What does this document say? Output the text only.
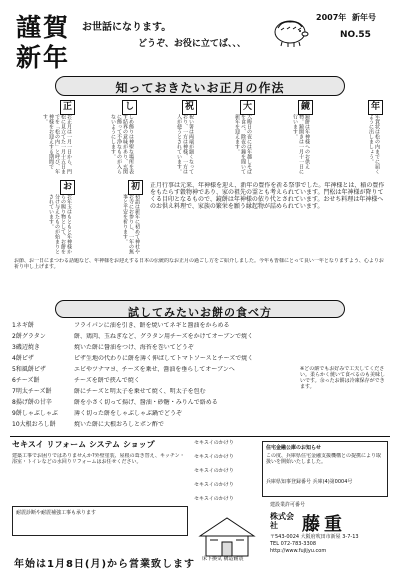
謹賀
新年
お世話になります。
どうぞ、お役に立てば、、、
2007年 新年号
NO.55
知っておきたいお正月の作法
正
お正月は一月一日から、門松に見立てた一月十五日までを「松の内」と呼び、年神様をお迎えする期間です。
し
しめ飾りは神聖な場所を表す結界の意味があり、玄関に飾って不浄なものが入らないようにします。
祝
祝い箸は両端が細くなっており、一方は神様、一方は人が使うとされています。
大
大晦日の夜には年越しそばを食べ、除夜の鐘を聞いて新年を迎えます。
鏡
鏡餅は年神様へのお供え物。鏡開きは一月十一日に行います。
年
年賀状は松の内までに届くように出しましょう。
お
お年玉はもともと年神様からの賜り物として、お餅を分け与えたものが始まりとされています。
初
初詣は新年に初めて神社やお寺にお参りし、一年の無事と平安を祈ります。
正月行事は元来、年神様を迎え、新年の豊作を祈る祭事でした。年神様とは、稲の豊作をもたらす穀物神であり、家の祖先の霊とも考えられています。門松は年神様が降りてくる目印となるもので、鏡餅は年神様の依り代とされています。おせち料理は年神様へのお供え料理で、家族の繁栄を願う縁起物が詰められています。
お節、お一日にまつわる話題など、年神様をお迎えする日本の伝統的なお正月の過ごし方をご紹介しました。今年も皆様にとって良い一年となりますよう、心よりお祈り申し上げます。
試してみたいお餅の食べ方
1ネギ餅	フライパンに油を引き、餅を焼いてネギと醤油をからめる
2餅グラタン	餅、鶏肉、玉ねぎなど、グラタン用チーズをかけてオーブンで焼く
3磯辺焼き	焼いた餅に醤油をつけ、海苔を巻いてどうぞ
4餅ピザ	ピザ生地の代わりに餅を薄く伸ばしてトマトソースとチーズで焼く
5和風餅ピザ	エビやツナマヨ、チーズを乗せ、醤油を垂らしてオーブンへ
6チーズ餅	チーズを餅で挟んで焼く
7明太チーズ餅	餅にチーズと明太子を乗せて焼く、明太子を包む
8揚げ餅の甘辛	餅を小さく切って揚げ、醤油・砂糖・みりんで絡める
9餅しゃぶしゃぶ	薄く切った餅をしゃぶしゃぶ鍋でどうぞ
10大根おろし餅	焼いた餅に大根おろしとポン酢で
※どの餅でもお好みで工夫してください。柔らかく焼いて食べるのも美味しいです。余ったお餅は冷凍保存ができます。
セキスイ リフォーム システム ショップ
建築工事でお困りではありませんか?外壁塗装、屋根の葺き替え、キッチン・浴室・トイレなどの水回りリフォームはお任せください。
耐震診断や耐震補強工事も承ります
セキスイのかけり
セキスイのかけり
セキスイのかけり
セキスイのかけり
セキスイのかけり
住宅金融公庫のお知らせ
この度、兵庫県住宅金融支援機構との提携により取扱いを開始いたしました。
兵庫県知事登録番号 兵庫(4)第0004号
床下換気 構造耐震
建設業許可番号
株式会社	藤重
〒543-0024 大阪府吹田市新屋 3-7-13
TEL 072-783-3308
http://www.fujijyu.com
年始は1月8日(月)から営業致します
